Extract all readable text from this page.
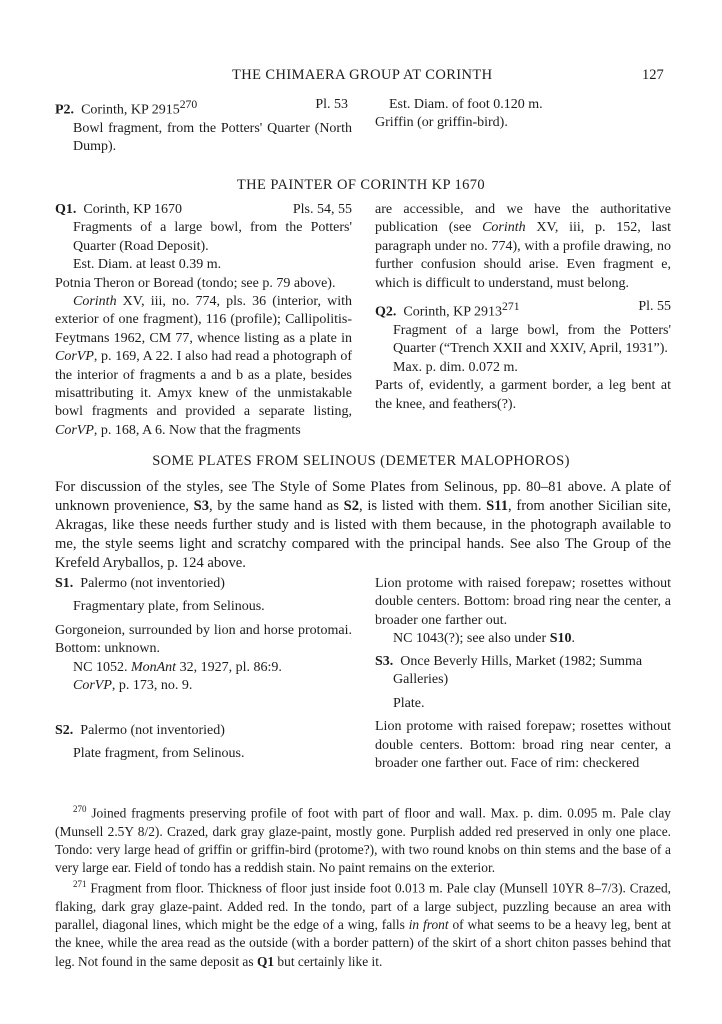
THE CHIMAERA GROUP AT CORINTH	127
P2. Corinth, KP 2915$^{270}$	Pl. 53

Bowl fragment, from the Potters' Quarter (North Dump).

Est. Diam. of foot 0.120 m.

Griffin (or griffin-bird).

THE PAINTER OF CORINTH KP 1670
Q1. Corinth, KP 1670	Pls. 54, 55

Fragments of a large bowl, from the Potters' Quarter (Road Deposit).

Est. Diam. at least 0.39 m.

Potnia Theron or Boread (tondo; see p. 79 above).

Corinth XV, iii, no. 774, pls. 36 (interior, with exterior of one fragment), 116 (profile); Callipolitis-Feytmans 1962, CM 77, whence listing as a plate in CorVP, p. 169, A 22. I also had read a photograph of the interior of fragments a and b as a plate, besides misattributing it. Amyx knew of the unmistakable bowl fragments and provided a separate listing, CorVP, p. 168, A 6. Now that the fragments

are accessible, and we have the authoritative publication (see Corinth XV, iii, p. 152, last paragraph under no. 774), with a profile drawing, no further confusion should arise. Even fragment e, which is difficult to understand, must belong.

Q2. Corinth, KP 2913$^{271}$	Pl. 55

Fragment of a large bowl, from the Potters' Quarter (“Trench XXII and XXIV, April, 1931”).

Max. p. dim. 0.072 m.

Parts of, evidently, a garment border, a leg bent at the knee, and feathers(?).

SOME PLATES FROM SELINOUS (DEMETER MALOPHOROS)
For discussion of the styles, see The Style of Some Plates from Selinous, pp. 80–81 above. A plate of unknown provenience, S3, by the same hand as S2, is listed with them. S11, from another Sicilian site, Akragas, like these needs further study and is listed with them because, in the photograph available to me, the style seems light and scratchy compared with the principal hands. See also The Group of the Krefeld Aryballos, p. 124 above.
S1. Palermo (not inventoried)

Fragmentary plate, from Selinous.

Gorgoneion, surrounded by lion and horse protomai. Bottom: unknown.

NC 1052. MonAnt 32, 1927, pl. 86:9.

CorVP, p. 173, no. 9.

S2. Palermo (not inventoried)

Plate fragment, from Selinous.

Lion protome with raised forepaw; rosettes without double centers. Bottom: broad ring near the center, a broader one farther out.

NC 1043(?); see also under S10.

S3. Once Beverly Hills, Market (1982; Summa Galleries)

Plate.

Lion protome with raised forepaw; rosettes without double centers. Bottom: broad ring near center, a broader one farther out. Face of rim: checkered

$^{270}$ Joined fragments preserving profile of foot with part of floor and wall. Max. p. dim. 0.095 m. Pale clay (Munsell 2.5Y 8/2). Crazed, dark gray glaze-paint, mostly gone. Purplish added red preserved in only one place. Tondo: very large head of griffin or griffin-bird (protome?), with two round knobs on thin stems and the base of a very large ear. Field of tondo has a reddish stain. No paint remains on the exterior.

$^{271}$ Fragment from floor. Thickness of floor just inside foot 0.013 m. Pale clay (Munsell 10YR 8–7/3). Crazed, flaking, dark gray glaze-paint. Added red. In the tondo, part of a large subject, puzzling because an area with parallel, diagonal lines, which might be the edge of a wing, falls in front of what seems to be a heavy leg, bent at the knee, while the area read as the outside (with a border pattern) of the skirt of a short chiton passes behind that leg. Not found in the same deposit as Q1 but certainly like it.
